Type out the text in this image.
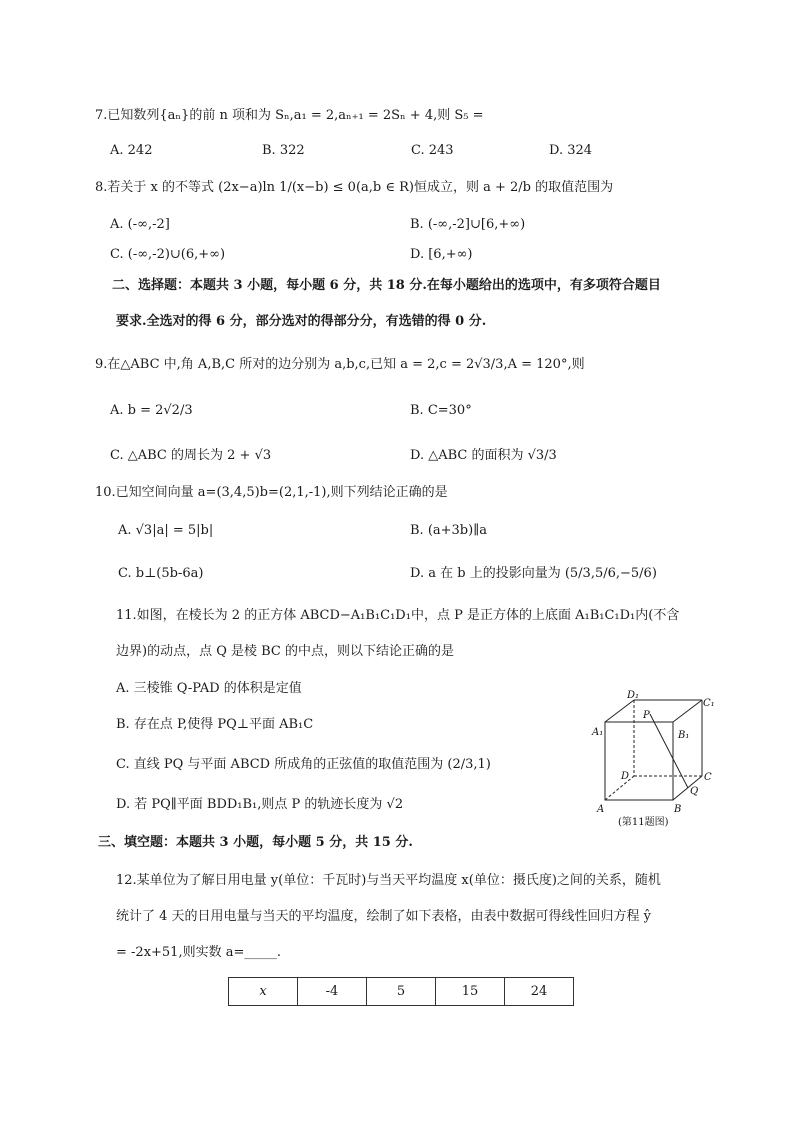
7.已知数列{aₙ}的前 n 项和为 Sₙ,a₁ = 2,aₙ₊₁ = 2Sₙ + 4,则 S₅ =
A. 242	B. 322	C. 243	D. 324
8.若关于 x 的不等式 (2x−a)ln 1/(x−b) ≤ 0(a,b ∈ R)恒成立，则 a + 2/b 的取值范围为
A. (-∞,-2]	B. (-∞,-2]∪[6,+∞)
C. (-∞,-2)∪(6,+∞)	D. [6,+∞)
二、选择题：本题共 3 小题，每小题 6 分，共 18 分.在每小题给出的选项中，有多项符合题目
要求.全选对的得 6 分，部分选对的得部分分，有选错的得 0 分.
9.在△ABC 中,角 A,B,C 所对的边分别为 a,b,c,已知 a = 2,c = 2√3/3,A = 120°,则
A. b = 2√2/3	B. C=30°
C. △ABC 的周长为 2 + √3	D. △ABC 的面积为 √3/3
10.已知空间向量 a=(3,4,5)b=(2,1,-1),则下列结论正确的是
A. √3|a| = 5|b|	B. (a+3b)∥a
C. b⊥(5b-6a)	D. a 在 b 上的投影向量为 (5/3,5/6,−5/6)
11.如图，在棱长为 2 的正方体 ABCD−A₁B₁C₁D₁中，点 P 是正方体的上底面 A₁B₁C₁D₁内(不含
边界)的动点，点 Q 是棱 BC 的中点，则以下结论正确的是
A. 三棱锥 Q-PAD 的体积是定值
B. 存在点 P,使得 PQ⊥平面 AB₁C
C. 直线 PQ 与平面 ABCD 所成角的正弦值的取值范围为 (2/3,1)
D. 若 PQ∥平面 BDD₁B₁,则点 P 的轨迹长度为 √2
D₁
C₁
P
A₁	B₁
D	C
Q
A	B
(第11题图)
三、填空题：本题共 3 小题，每小题 5 分，共 15 分.
12.某单位为了解日用电量 y(单位：千瓦时)与当天平均温度 x(单位：摄氏度)之间的关系，随机
统计了 4 天的日用电量与当天的平均温度，绘制了如下表格，由表中数据可得线性回归方程 ŷ
= -2x+51,则实数 a=_____.
x	-4	5	15	24
